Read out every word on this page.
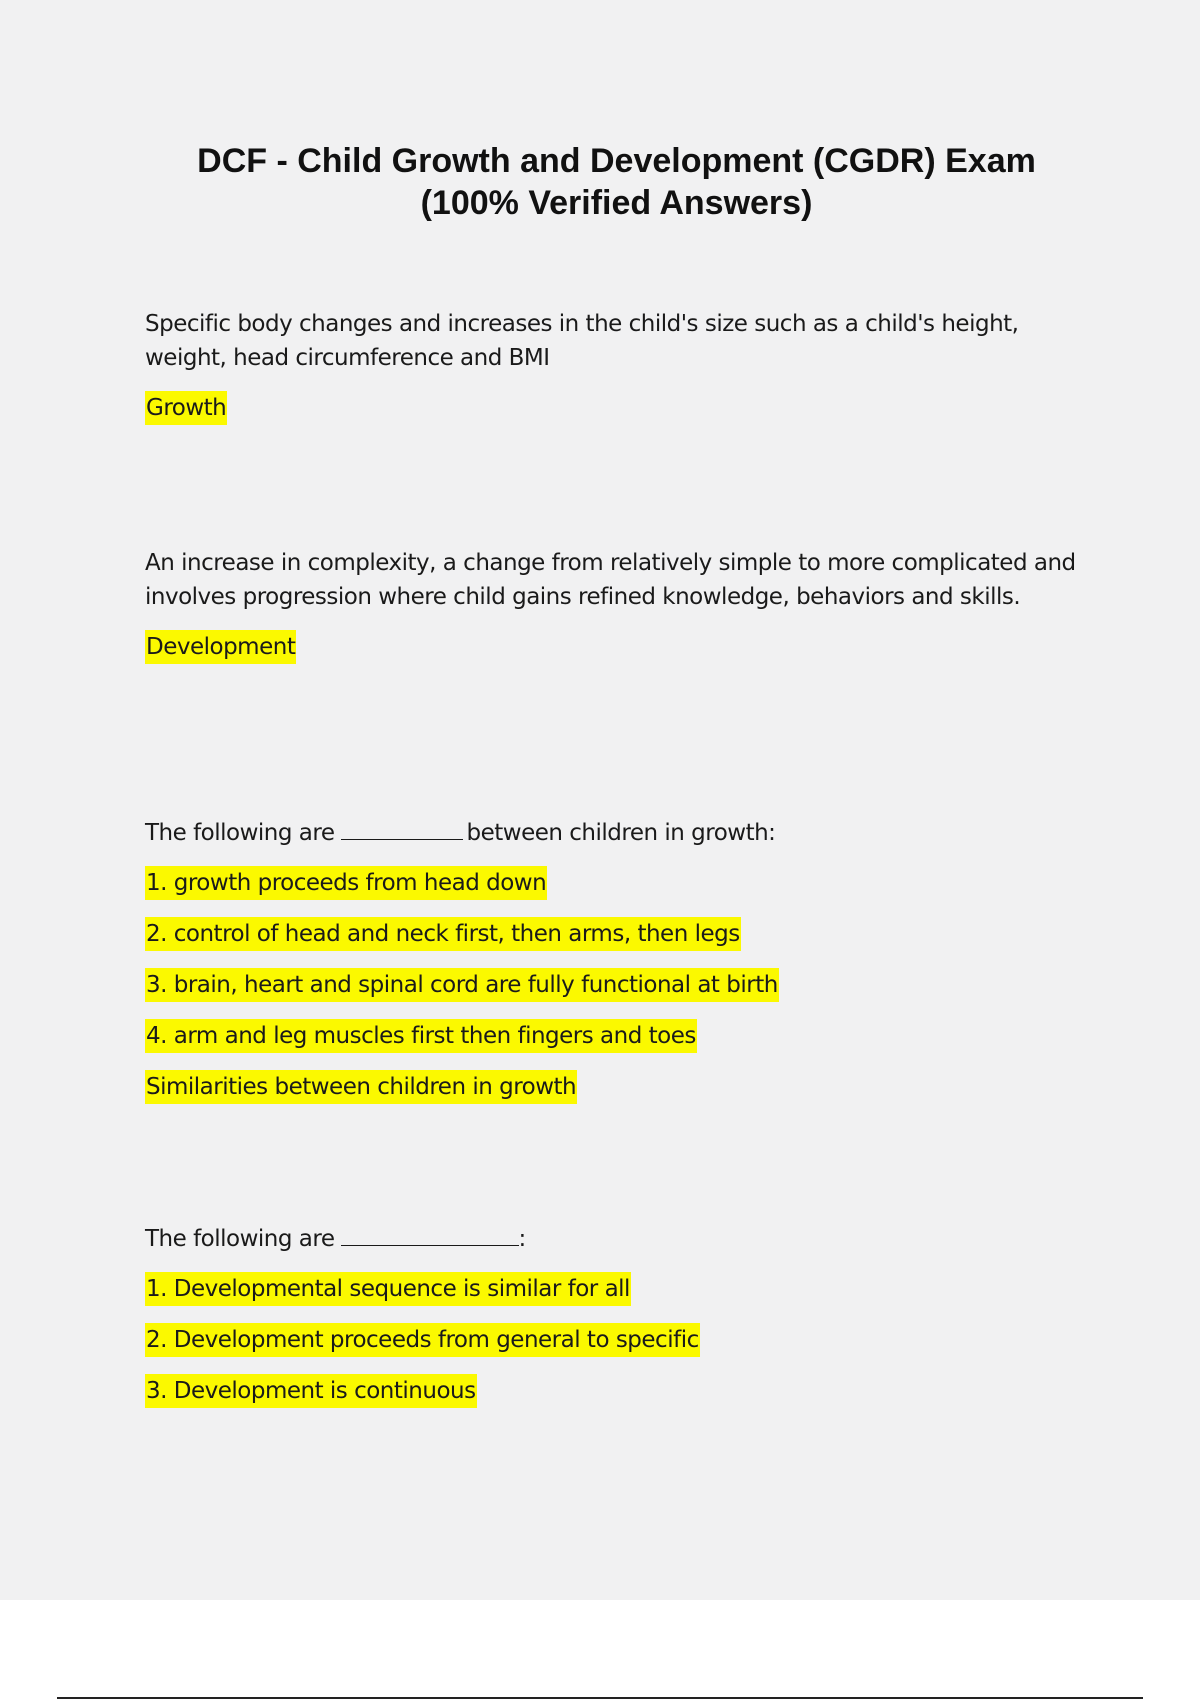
DCF - Child Growth and Development (CGDR) Exam
(100% Verified Answers)

Specific body changes and increases in the child's size such as a child's height, weight, head circumference and BMI

Growth

An increase in complexity, a change from relatively simple to more complicated and involves progression where child gains refined knowledge, behaviors and skills.

Development

The following are	between children in growth:

1. growth proceeds from head down
2. control of head and neck first, then arms, then legs
3. brain, heart and spinal cord are fully functional at birth
4. arm and leg muscles first then fingers and toes
Similarities between children in growth

The following are	:

1. Developmental sequence is similar for all
2. Development proceeds from general to specific
3. Development is continuous
